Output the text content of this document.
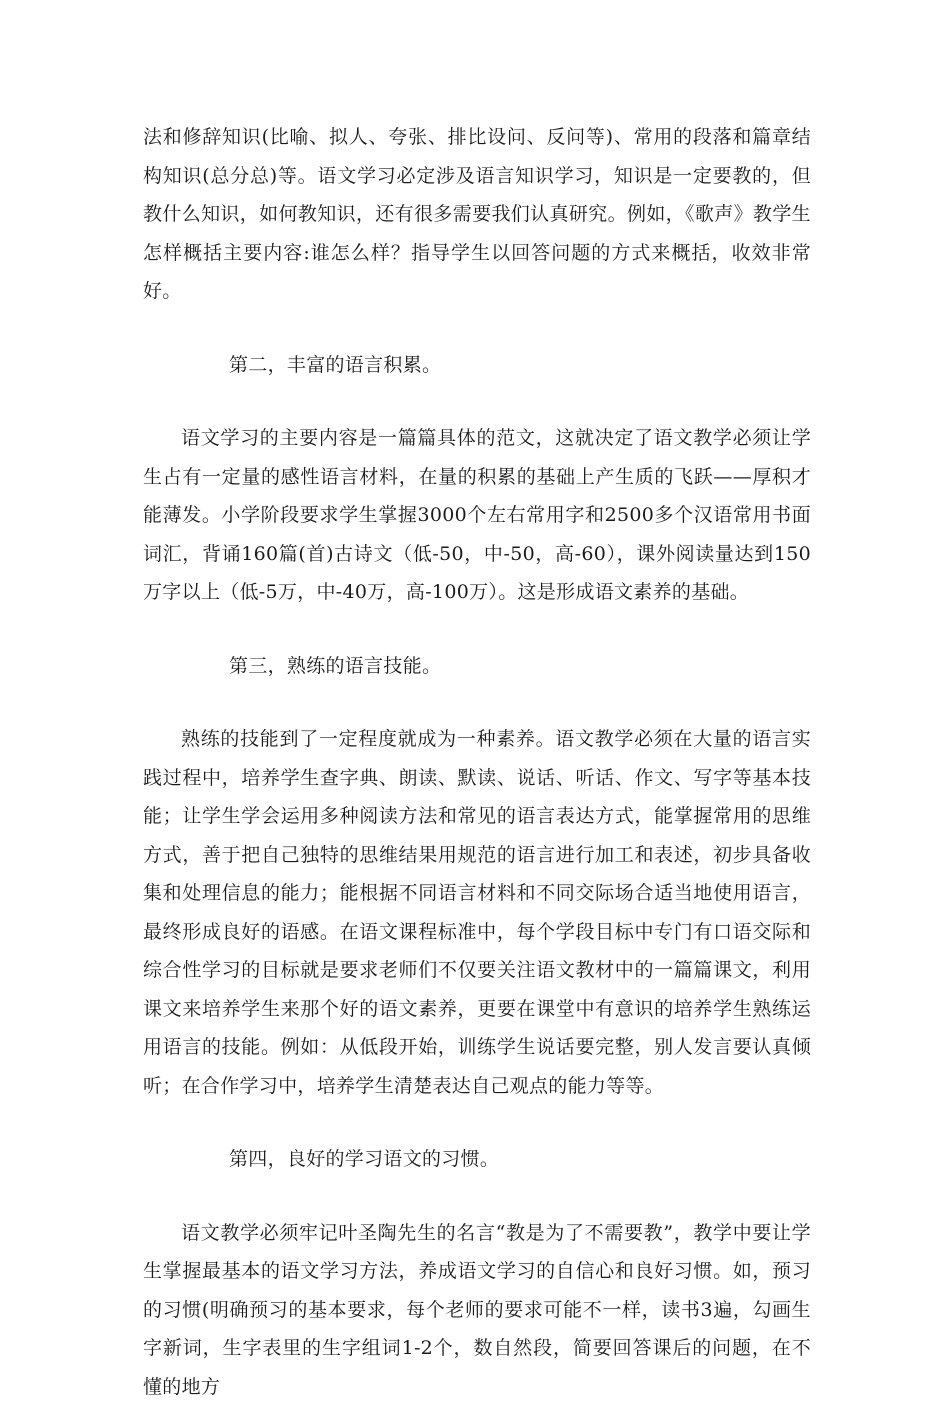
法和修辞知识(比喻、拟人、夸张、排比设问、反问等)、常用的段落和篇章结构知识(总分总)等。语文学习必定涉及语言知识学习，知识是一定要教的，但教什么知识，如何教知识，还有很多需要我们认真研究。例如，《歌声》教学生怎样概括主要内容:谁怎么样？指导学生以回答问题的方式来概括，收效非常好。

第二，丰富的语言积累。

语文学习的主要内容是一篇篇具体的范文，这就决定了语文教学必须让学生占有一定量的感性语言材料，在量的积累的基础上产生质的飞跃——厚积才能薄发。小学阶段要求学生掌握3000个左右常用字和2500多个汉语常用书面词汇，背诵160篇(首)古诗文（低-50，中-50，高-60），课外阅读量达到150万字以上（低-5万，中-40万，高-100万）。这是形成语文素养的基础。

第三，熟练的语言技能。

熟练的技能到了一定程度就成为一种素养。语文教学必须在大量的语言实践过程中，培养学生查字典、朗读、默读、说话、听话、作文、写字等基本技能；让学生学会运用多种阅读方法和常见的语言表达方式，能掌握常用的思维方式，善于把自己独特的思维结果用规范的语言进行加工和表述，初步具备收集和处理信息的能力；能根据不同语言材料和不同交际场合适当地使用语言，最终形成良好的语感。在语文课程标准中，每个学段目标中专门有口语交际和综合性学习的目标就是要求老师们不仅要关注语文教材中的一篇篇课文，利用课文来培养学生来那个好的语文素养，更要在课堂中有意识的培养学生熟练运用语言的技能。例如：从低段开始，训练学生说话要完整，别人发言要认真倾听；在合作学习中，培养学生清楚表达自己观点的能力等等。

第四，良好的学习语文的习惯。

语文教学必须牢记叶圣陶先生的名言“教是为了不需要教”，教学中要让学生掌握最基本的语文学习方法，养成语文学习的自信心和良好习惯。如，预习的习惯(明确预习的基本要求，每个老师的要求可能不一样，读书3遍，勾画生字新词，生字表里的生字组词1-2个，数自然段，简要回答课后的问题，在不懂的地方
